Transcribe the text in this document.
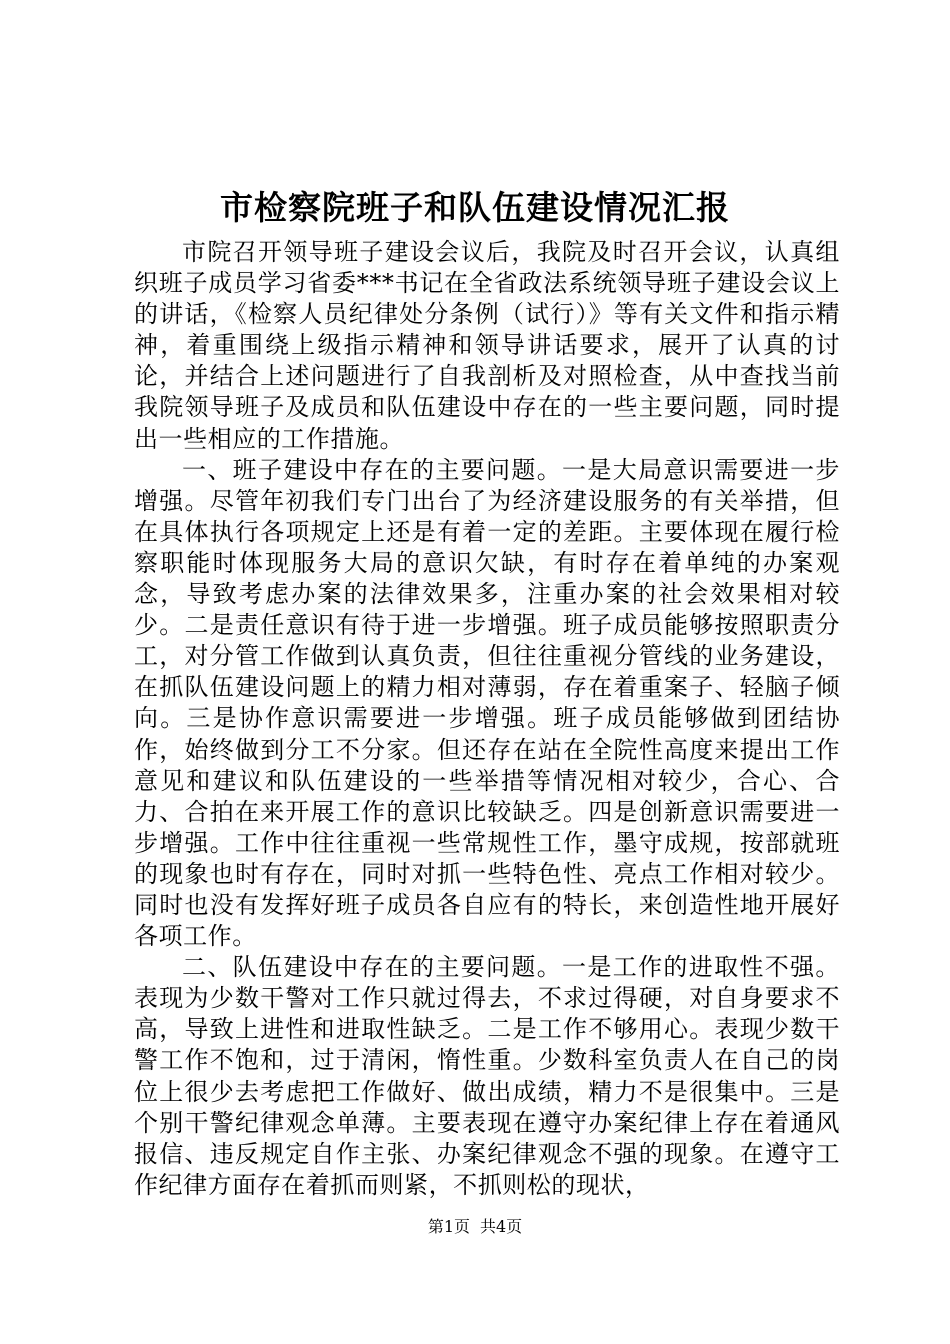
市检察院班子和队伍建设情况汇报

市院召开领导班子建设会议后，我院及时召开会议，认真组织班子成员学习省委***书记在全省政法系统领导班子建设会议上的讲话，《检察人员纪律处分条例（试行）》等有关文件和指示精神，着重围绕上级指示精神和领导讲话要求，展开了认真的讨论，并结合上述问题进行了自我剖析及对照检查，从中查找当前我院领导班子及成员和队伍建设中存在的一些主要问题，同时提出一些相应的工作措施。

一、班子建设中存在的主要问题。一是大局意识需要进一步增强。尽管年初我们专门出台了为经济建设服务的有关举措，但在具体执行各项规定上还是有着一定的差距。主要体现在履行检察职能时体现服务大局的意识欠缺，有时存在着单纯的办案观念，导致考虑办案的法律效果多，注重办案的社会效果相对较少。二是责任意识有待于进一步增强。班子成员能够按照职责分工，对分管工作做到认真负责，但往往重视分管线的业务建设，在抓队伍建设问题上的精力相对薄弱，存在着重案子、轻脑子倾向。三是协作意识需要进一步增强。班子成员能够做到团结协作，始终做到分工不分家。但还存在站在全院性高度来提出工作意见和建议和队伍建设的一些举措等情况相对较少，合心、合力、合拍在来开展工作的意识比较缺乏。四是创新意识需要进一步增强。工作中往往重视一些常规性工作，墨守成规，按部就班的现象也时有存在，同时对抓一些特色性、亮点工作相对较少。同时也没有发挥好班子成员各自应有的特长，来创造性地开展好各项工作。

二、队伍建设中存在的主要问题。一是工作的进取性不强。表现为少数干警对工作只就过得去，不求过得硬，对自身要求不高，导致上进性和进取性缺乏。二是工作不够用心。表现少数干警工作不饱和，过于清闲，惰性重。少数科室负责人在自己的岗位上很少去考虑把工作做好、做出成绩，精力不是很集中。三是个别干警纪律观念单薄。主要表现在遵守办案纪律上存在着通风报信、违反规定自作主张、办案纪律观念不强的现象。在遵守工作纪律方面存在着抓而则紧，不抓则松的现状，

第1页 共4页
